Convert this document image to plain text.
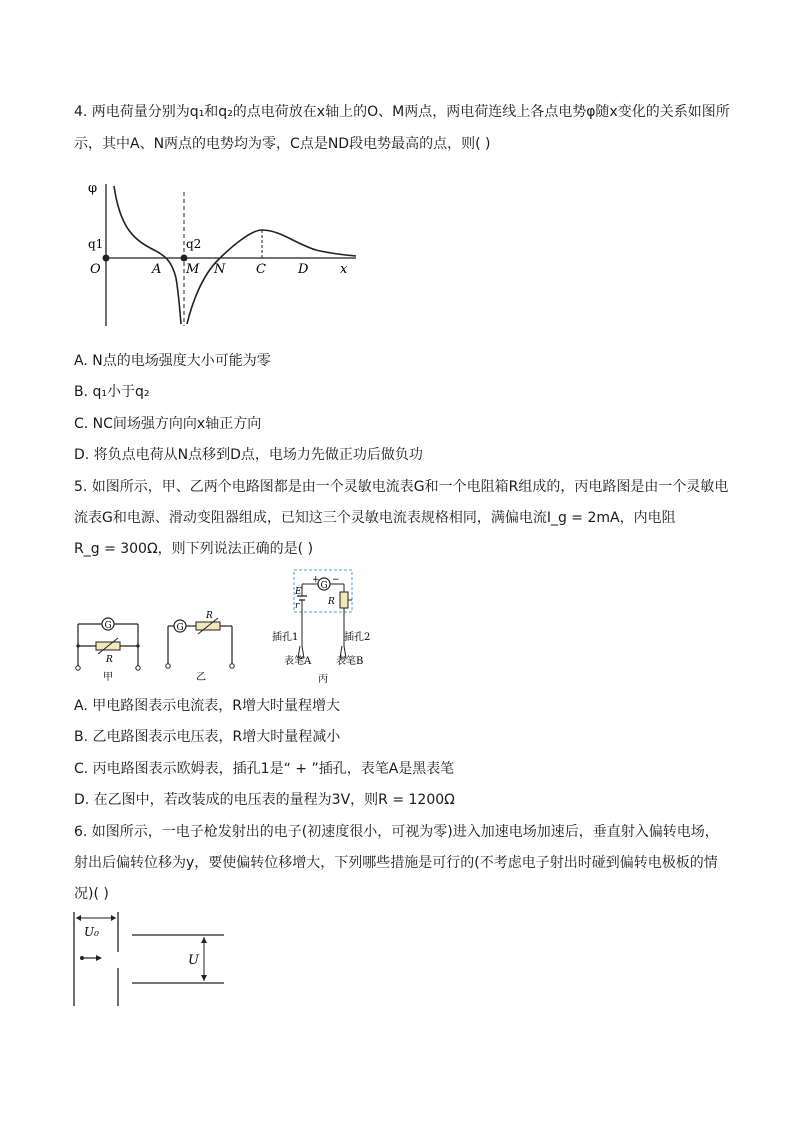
4. 两电荷量分别为q₁和q₂的点电荷放在x轴上的O、M两点，两电荷连线上各点电势φ随x变化的关系如图所
示，其中A、N两点的电势均为零，C点是ND段电势最高的点，则( )
φ
q1	q2
O	A M N C D x
A. N点的电场强度大小可能为零
B. q₁小于q₂
C. NC间场强方向向x轴正方向
D. 将负点电荷从N点移到D点，电场力先做正功后做负功
5. 如图所示，甲、乙两个电路图都是由一个灵敏电流表G和一个电阻箱R组成的，丙电路图是由一个灵敏电
流表G和电源、滑动变阻器组成，已知这三个灵敏电流表规格相同，满偏电流I_g = 2mA，内电阻
R_g = 300Ω，则下列说法正确的是( )
G
R
甲
G
R
乙
G
+ −
E
r	R
插孔1	插孔2
表笔A 表笔B
丙
A. 甲电路图表示电流表，R增大时量程增大
B. 乙电路图表示电压表，R增大时量程减小
C. 丙电路图表示欧姆表，插孔1是“ + ”插孔，表笔A是黑表笔
D. 在乙图中，若改装成的电压表的量程为3V，则R = 1200Ω
6. 如图所示，一电子枪发射出的电子(初速度很小，可视为零)进入加速电场加速后，垂直射入偏转电场，
射出后偏转位移为y，要使偏转位移增大，下列哪些措施是可行的(不考虑电子射出时碰到偏转电极板的情
况)( )
U₀
U
